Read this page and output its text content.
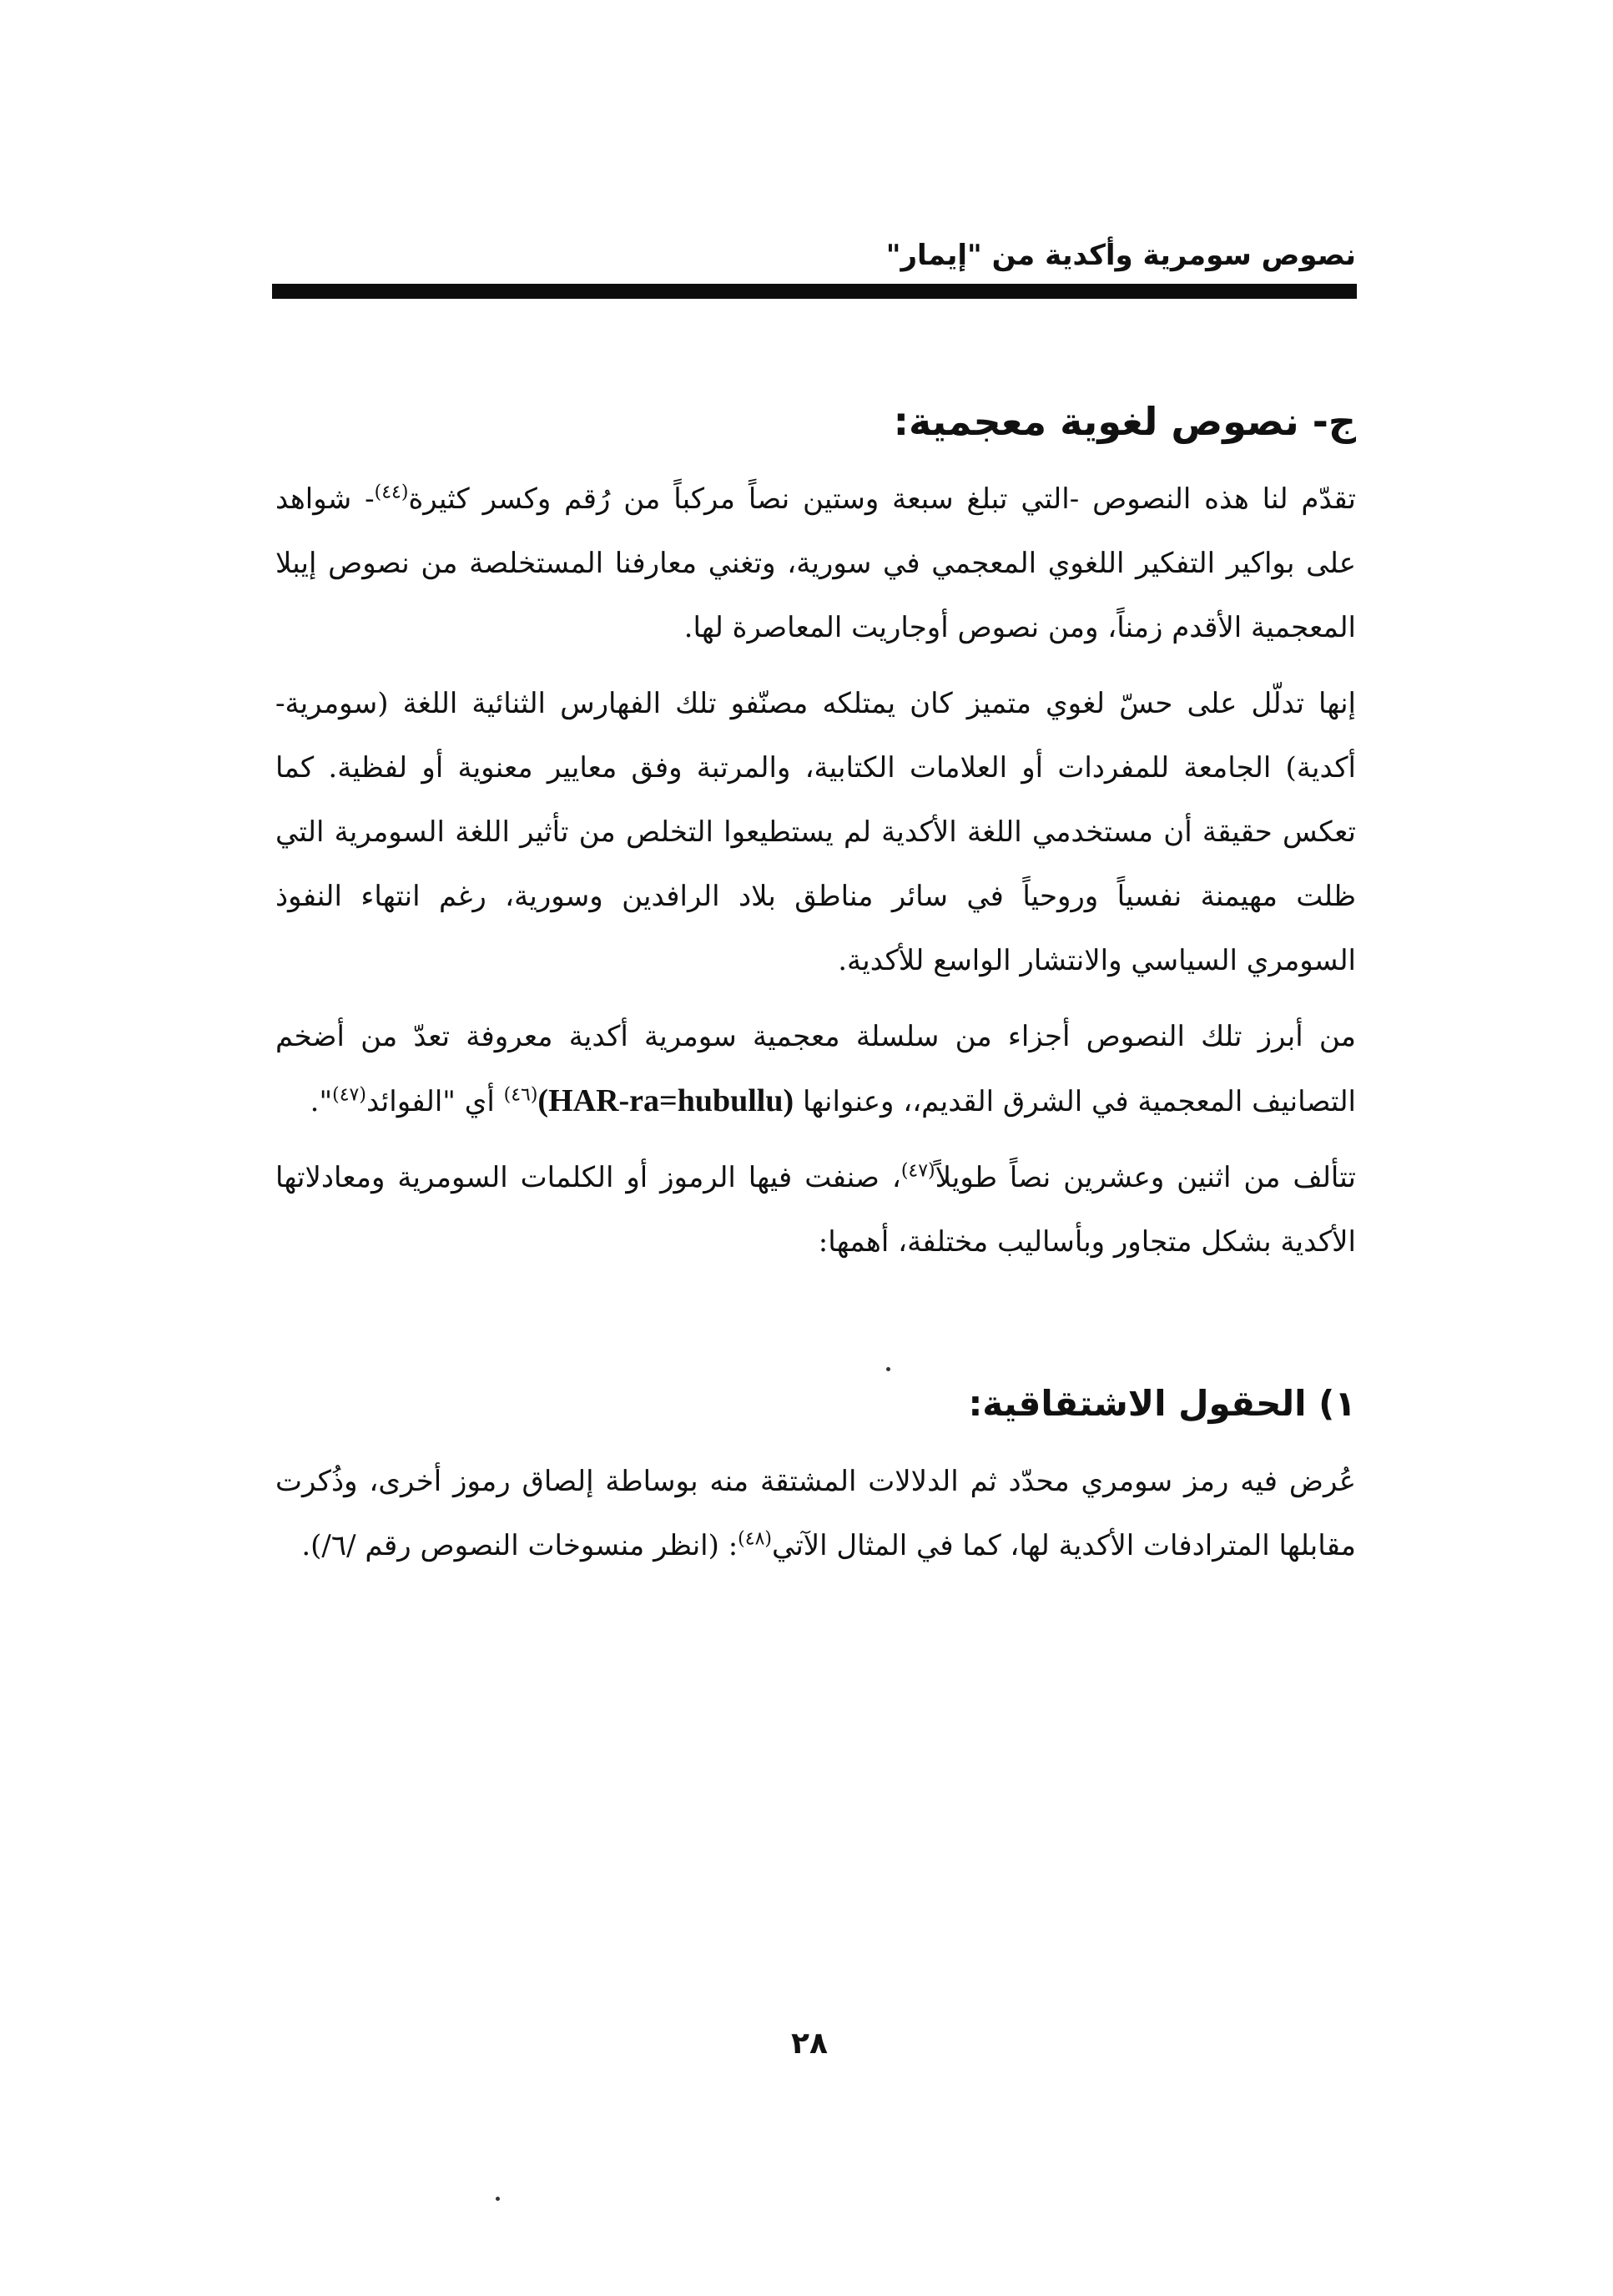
نصوص سومرية وأكدية من "إيمار"
ج- نصوص لغوية معجمية:

تقدّم لنا هذه النصوص -التي تبلغ سبعة وستين نصاً مركباً من رُقم وكسر كثيرة$^{(٤٤)}$- شواهد على بواكير التفكير اللغوي المعجمي في سورية، وتغني معارفنا المستخلصة من نصوص إيبلا المعجمية الأقدم زمناً، ومن نصوص أوجاريت المعاصرة لها.

إنها تدلّل على حسّ لغوي متميز كان يمتلكه مصنّفو تلك الفهارس الثنائية اللغة (سومرية- أكدية) الجامعة للمفردات أو العلامات الكتابية، والمرتبة وفق معايير معنوية أو لفظية. كما تعكس حقيقة أن مستخدمي اللغة الأكدية لم يستطيعوا التخلص من تأثير اللغة السومرية التي ظلت مهيمنة نفسياً وروحياً في سائر مناطق بلاد الرافدين وسورية، رغم انتهاء النفوذ السومري السياسي والانتشار الواسع للأكدية.

من أبرز تلك النصوص أجزاء من سلسلة معجمية سومرية أكدية معروفة تعدّ من أضخم التصانيف المعجمية في الشرق القديم،، وعنوانها (HAR-ra=hubullu)$^{(٤٦)}$ أي "الفوائد$^{(٤٧)}$".

تتألف من اثنين وعشرين نصاً طويلاً$^{(٤٧)}$، صنفت فيها الرموز أو الكلمات السومرية ومعادلاتها الأكدية بشكل متجاور وبأساليب مختلفة، أهمها:

١) الحقول الاشتقاقية:

عُرض فيه رمز سومري محدّد ثم الدلالات المشتقة منه بوساطة إلصاق رموز أخرى، وذُكرت مقابلها المترادفات الأكدية لها، كما في المثال الآتي$^{(٤٨)}$: (انظر منسوخات النصوص رقم /٦/).

٢٨
